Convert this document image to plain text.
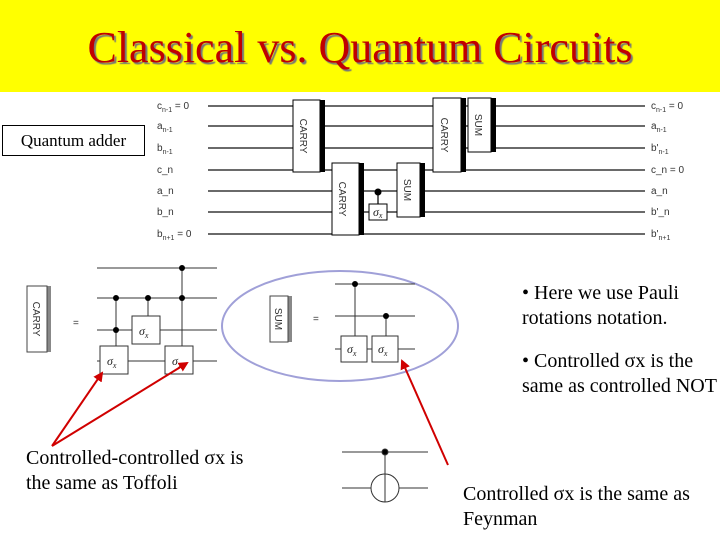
Classical vs. Quantum Circuits
$c_{n-1} = 0$
$a_{n-1}$
$b_{n-1}$
c_n
a_n
b_n
$b_{n+1} = 0$
$c_{n-1} = 0$
$a_{n-1}$
$b'_{n-1}$
c_n = 0
a_n
b'_n
$b'_{n+1}$
CARRY
CARRY σx
SUM
CARRY SUM
CARRY	=
$\sigma_x$
$\sigma_x$	$\sigma_x$
SUM	=
$\sigma_x$ $\sigma_x$
Quantum adder
• Here we use Pauli rotations notation.
• Controlled σx is the same as controlled NOT
Controlled-controlled σx is the same as Toffoli	Controlled σx is the same as Feynman
